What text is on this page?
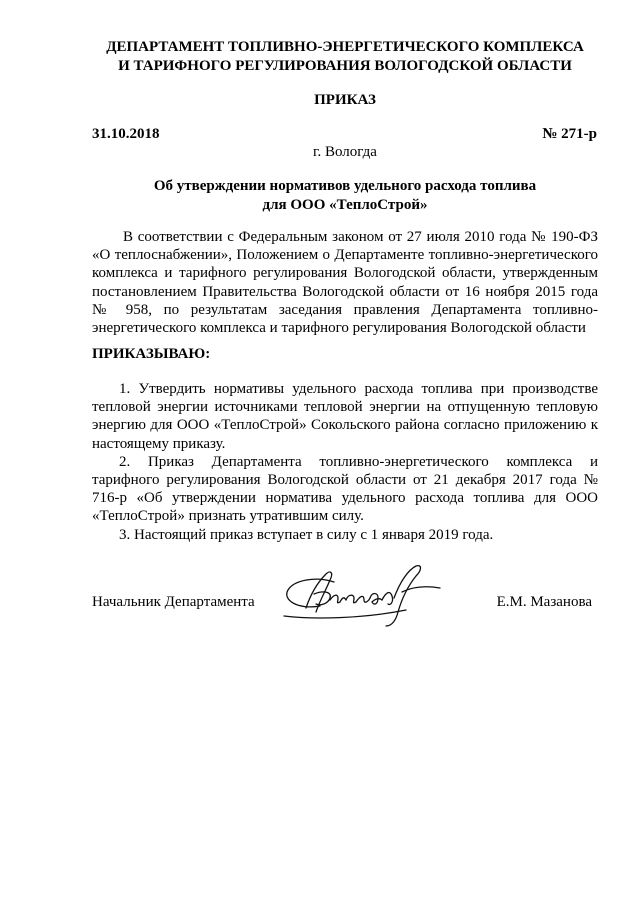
ДЕПАРТАМЕНТ ТОПЛИВНО-ЭНЕРГЕТИЧЕСКОГО КОМПЛЕКСА
И ТАРИФНОГО РЕГУЛИРОВАНИЯ ВОЛОГОДСКОЙ ОБЛАСТИ
ПРИКАЗ
31.10.2018	№ 271-р
г. Вологда
Об утверждении нормативов удельного расхода топлива
для ООО «ТеплоСтрой»

В соответствии с Федеральным законом от 27 июля 2010 года № 190-ФЗ «О теплоснабжении», Положением о Департаменте топливно-энергетического комплекса и тарифного регулирования Вологодской области, утвержденным постановлением Правительства Вологодской области от 16 ноября 2015 года № 958, по результатам заседания правления Департамента топливно-энергетического комплекса и тарифного регулирования Вологодской области

ПРИКАЗЫВАЮ:

1. Утвердить нормативы удельного расхода топлива при производстве тепловой энергии источниками тепловой энергии на отпущенную тепловую энергию для ООО «ТеплоСтрой» Сокольского района согласно приложению к настоящему приказу.

2. Приказ Департамента топливно-энергетического комплекса и тарифного регулирования Вологодской области от 21 декабря 2017 года № 716-р «Об утверждении норматива удельного расхода топлива для ООО «ТеплоСтрой» признать утратившим силу.

3. Настоящий приказ вступает в силу с 1 января 2019 года.

Начальник Департамента	Е.М. Мазанова
